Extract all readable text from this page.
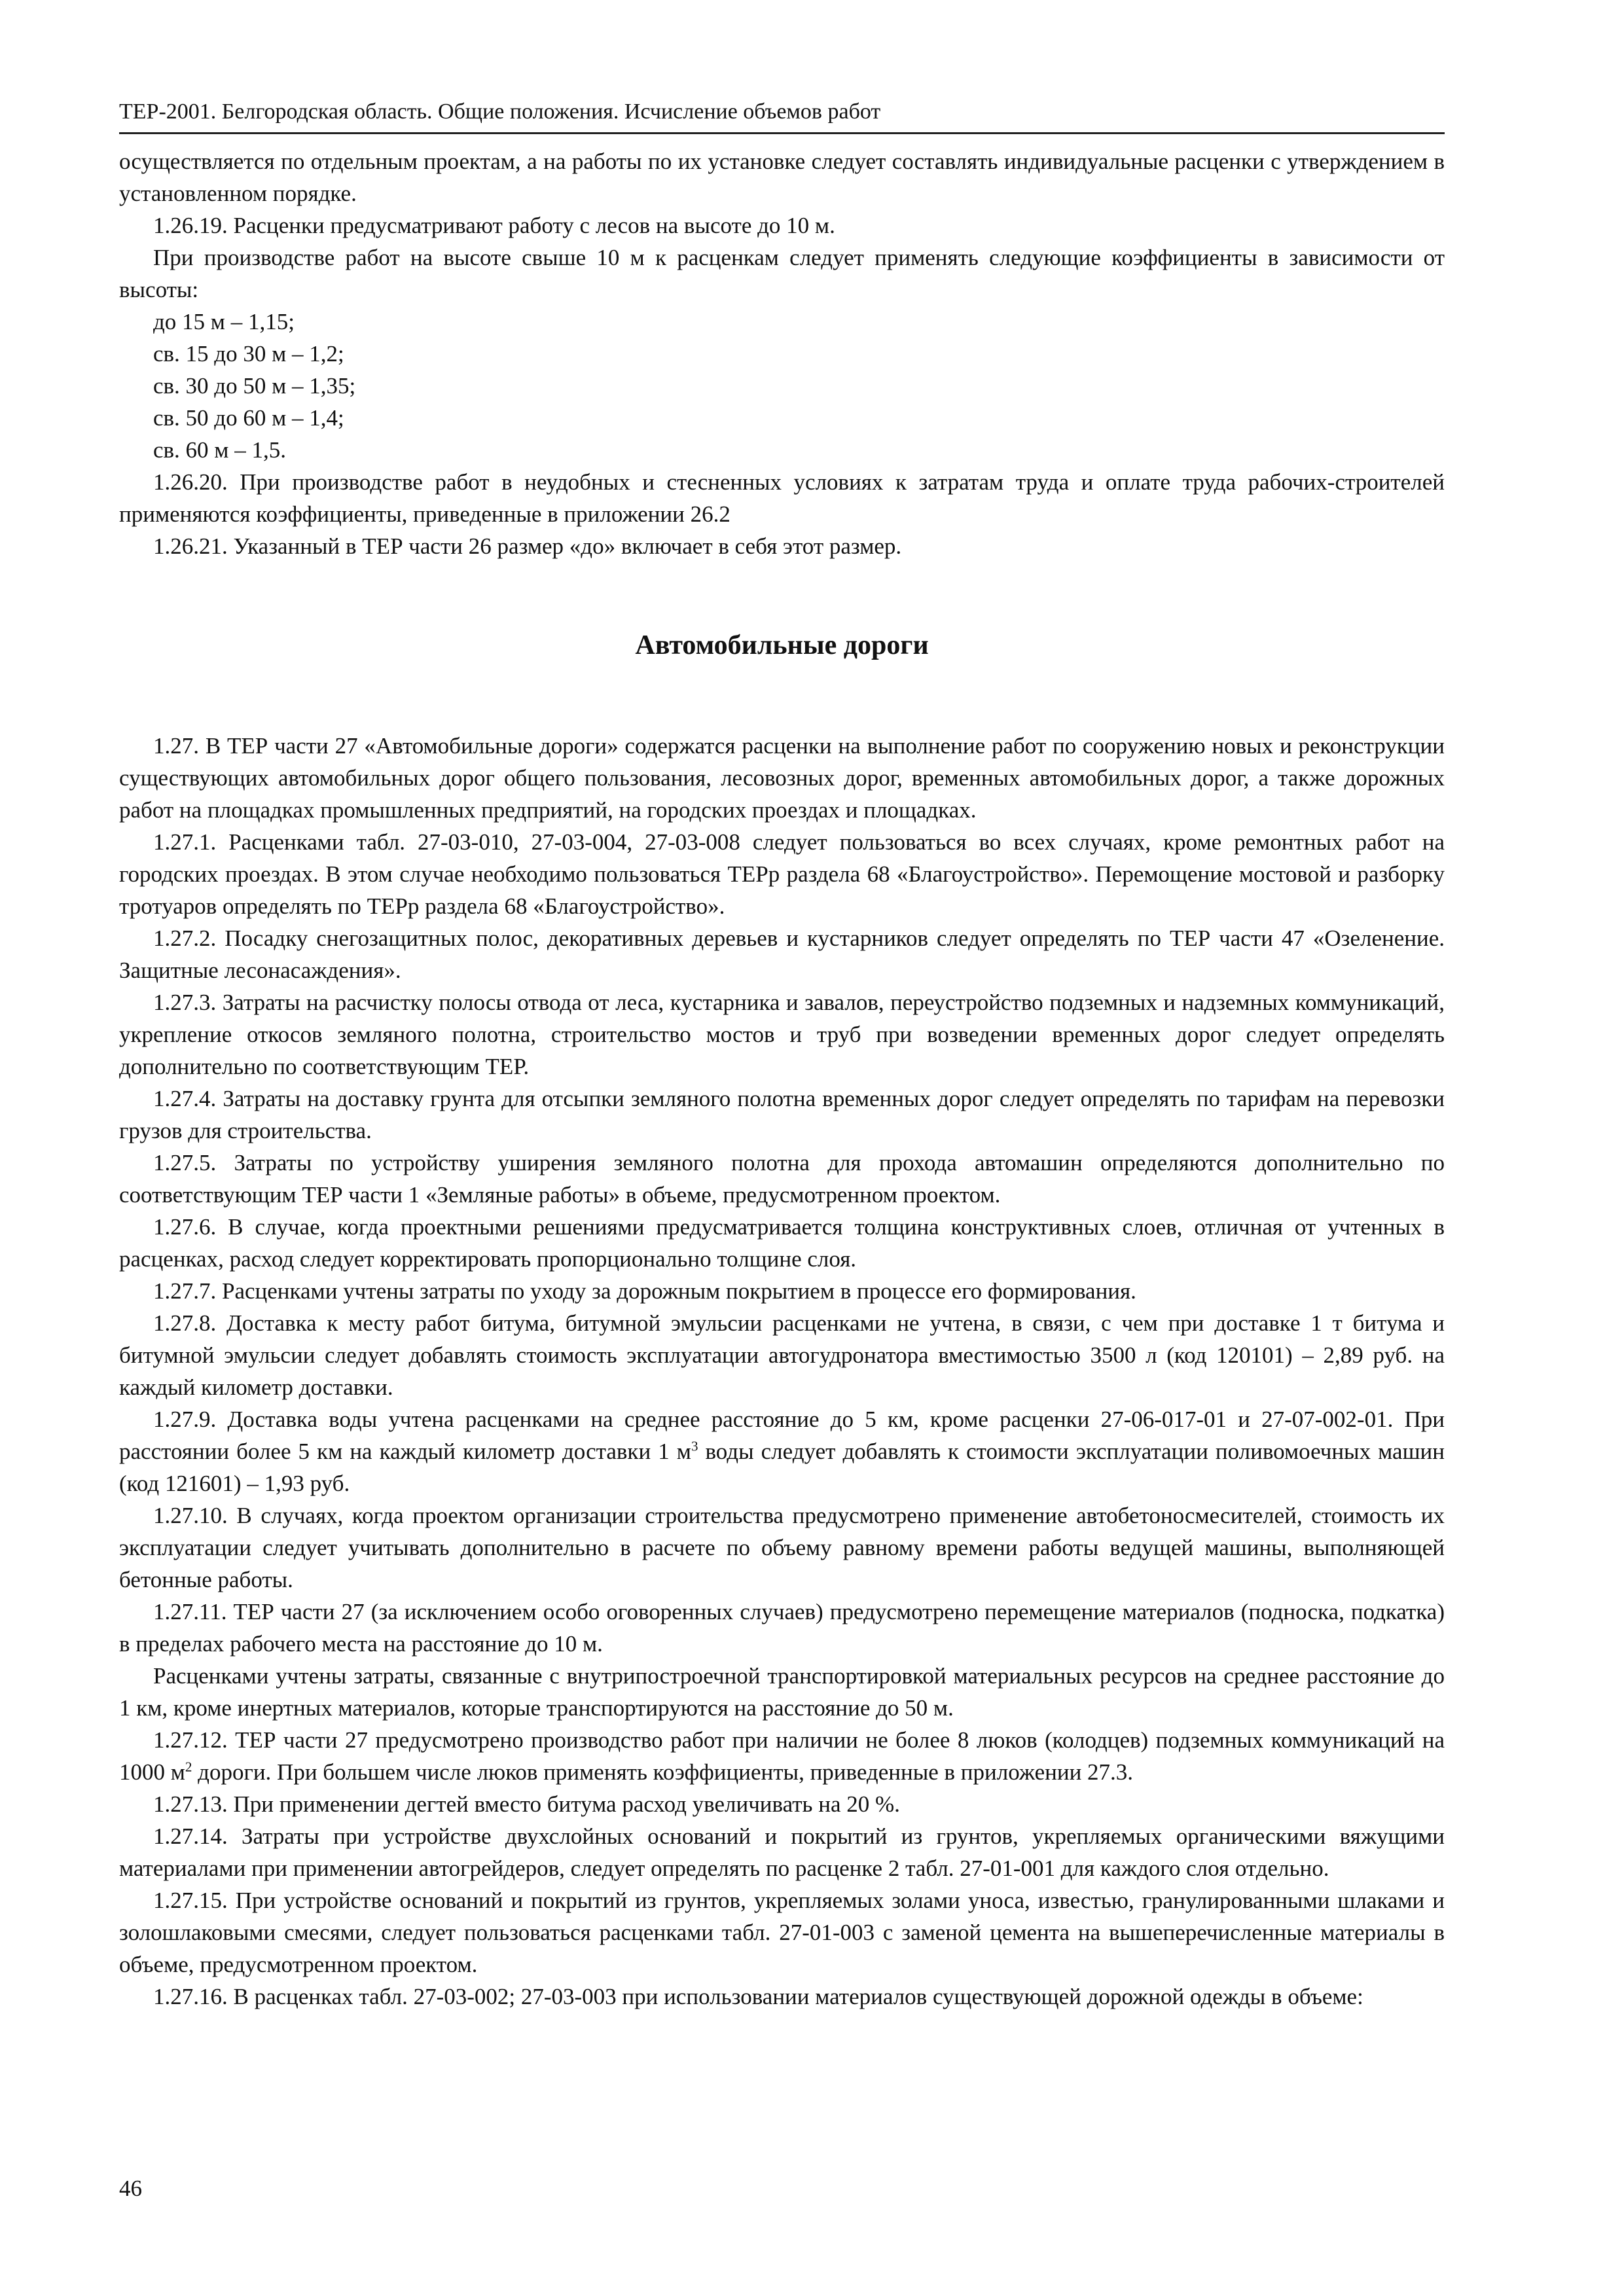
ТЕР-2001. Белгородская область. Общие положения. Исчисление объемов работ

осуществляется по отдельным проектам, а на работы по их установке следует составлять индивидуальные расценки с утверждением в установленном порядке.

1.26.19. Расценки предусматривают работу с лесов на высоте до 10 м.

При производстве работ на высоте свыше 10 м к расценкам следует применять следующие коэффициенты в зависимости от высоты:

до 15 м – 1,15;

св. 15 до 30 м – 1,2;

св. 30 до 50 м – 1,35;

св. 50 до 60 м – 1,4;

св. 60 м – 1,5.

1.26.20. При производстве работ в неудобных и стесненных условиях к затратам труда и оплате труда рабочих-строителей применяются коэффициенты, приведенные в приложении 26.2

1.26.21. Указанный в ТЕР части 26 размер «до» включает в себя этот размер.

Автомобильные дороги

1.27. В ТЕР части 27 «Автомобильные дороги» содержатся расценки на выполнение работ по сооружению новых и реконструкции существующих автомобильных дорог общего пользования, лесовозных дорог, временных автомобильных дорог, а также дорожных работ на площадках промышленных предприятий, на городских проездах и площадках.

1.27.1. Расценками табл. 27-03-010, 27-03-004, 27-03-008 следует пользоваться во всех случаях, кроме ремонтных работ на городских проездах. В этом случае необходимо пользоваться ТЕРр раздела 68 «Благоустройство». Перемощение мостовой и разборку тротуаров определять по ТЕРр раздела 68 «Благоустройство».

1.27.2. Посадку снегозащитных полос, декоративных деревьев и кустарников следует определять по ТЕР части 47 «Озеленение. Защитные лесонасаждения».

1.27.3. Затраты на расчистку полосы отвода от леса, кустарника и завалов, переустройство подземных и надземных коммуникаций, укрепление откосов земляного полотна, строительство мостов и труб при возведении временных дорог следует определять дополнительно по соответствующим ТЕР.

1.27.4. Затраты на доставку грунта для отсыпки земляного полотна временных дорог следует определять по тарифам на перевозки грузов для строительства.

1.27.5. Затраты по устройству уширения земляного полотна для прохода автомашин определяются дополнительно по соответствующим ТЕР части 1 «Земляные работы» в объеме, предусмотренном проектом.

1.27.6. В случае, когда проектными решениями предусматривается толщина конструктивных слоев, отличная от учтенных в расценках, расход следует корректировать пропорционально толщине слоя.

1.27.7. Расценками учтены затраты по уходу за дорожным покрытием в процессе его формирования.

1.27.8. Доставка к месту работ битума, битумной эмульсии расценками не учтена, в связи, с чем при доставке 1 т битума и битумной эмульсии следует добавлять стоимость эксплуатации автогудронатора вместимостью 3500 л (код 120101) – 2,89 руб. на каждый километр доставки.

1.27.9. Доставка воды учтена расценками на среднее расстояние до 5 км, кроме расценки 27-06-017-01 и 27-07-002-01. При расстоянии более 5 км на каждый километр доставки 1 $м^3$ воды следует добавлять к стоимости эксплуатации поливомоечных машин (код 121601) – 1,93 руб.

1.27.10. В случаях, когда проектом организации строительства предусмотрено применение автобетоносмесителей, стоимость их эксплуатации следует учитывать дополнительно в расчете по объему равному времени работы ведущей машины, выполняющей бетонные работы.

1.27.11. ТЕР части 27 (за исключением особо оговоренных случаев) предусмотрено перемещение материалов (подноска, подкатка) в пределах рабочего места на расстояние до 10 м.

Расценками учтены затраты, связанные с внутрипостроечной транспортировкой материальных ресурсов на среднее расстояние до 1 км, кроме инертных материалов, которые транспортируются на расстояние до 50 м.

1.27.12. ТЕР части 27 предусмотрено производство работ при наличии не более 8 люков (колодцев) подземных коммуникаций на 1000 $м^2$ дороги. При большем числе люков применять коэффициенты, приведенные в приложении 27.3.

1.27.13. При применении дегтей вместо битума расход увеличивать на 20 %.

1.27.14. Затраты при устройстве двухслойных оснований и покрытий из грунтов, укрепляемых органическими вяжущими материалами при применении автогрейдеров, следует определять по расценке 2 табл. 27-01-001 для каждого слоя отдельно.

1.27.15. При устройстве оснований и покрытий из грунтов, укрепляемых золами уноса, известью, гранулированными шлаками и золошлаковыми смесями, следует пользоваться расценками табл. 27-01-003 с заменой цемента на вышеперечисленные материалы в объеме, предусмотренном проектом.

1.27.16. В расценках табл. 27-03-002; 27-03-003 при использовании материалов существующей дорожной одежды в объеме:

46
